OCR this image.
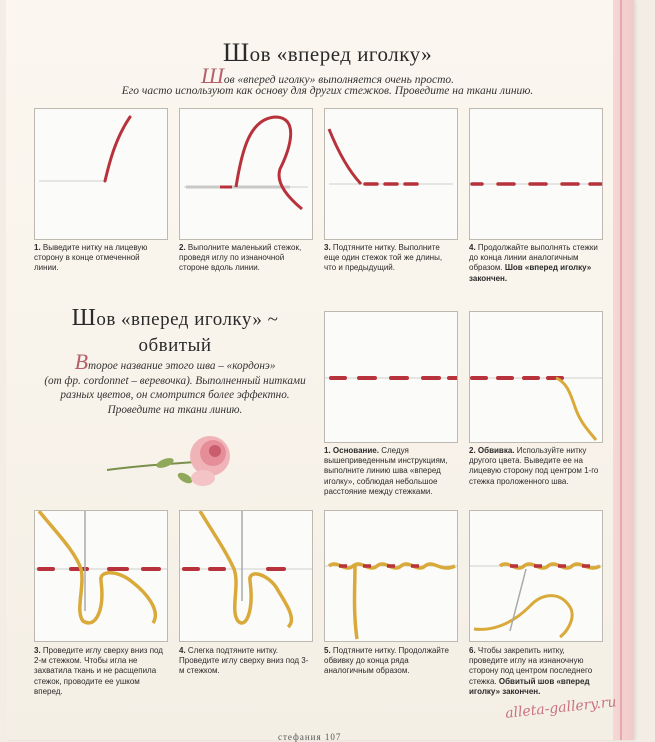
Шов «вперед иголку»
Шов «вперед иголку» выполняется очень просто.
Его часто используют как основу для других стежков. Проведите на ткани линию.
1. Выведите нитку на лицевую сторону в конце отмеченной линии.
2. Выполните маленький стежок, проведя иглу по изнаночной стороне вдоль линии.
3. Подтяните нитку. Выполните еще один стежок той же длины, что и предыдущий.
4. Продолжайте выполнять стежки до конца линии аналогичным образом. Шов «вперед иголку» закончен.
Шов «вперед иголку» ~
обвитый
Второе название этого шва – «кордонэ»
(от фр. cordonnet – веревочка). Выполненный нитками
разных цветов, он смотрится более эффектно.
Проведите на ткани линию.
1. Основание. Следуя вышеприведенным инструкциям, выполните линию шва «вперед иголку», соблюдая небольшое расстояние между стежками.
2. Обвивка. Используйте нитку другого цвета. Выведите ее на лицевую сторону под центром 1-го стежка проложенного шва.
3. Проведите иглу сверху вниз под 2-м стежком. Чтобы игла не захватила ткань и не расщепила стежок, проводите ее ушком вперед.
4. Слегка подтяните нитку. Проведите иглу сверху вниз под 3-м стежком.
5. Подтяните нитку. Продолжайте обвивку до конца ряда аналогичным образом.
6. Чтобы закрепить нитку, проведите иглу на изнаночную сторону под центром последнего стежка. Обвитый шов «вперед иголку» закончен.
alleta-gallery.ru
стефания 107
